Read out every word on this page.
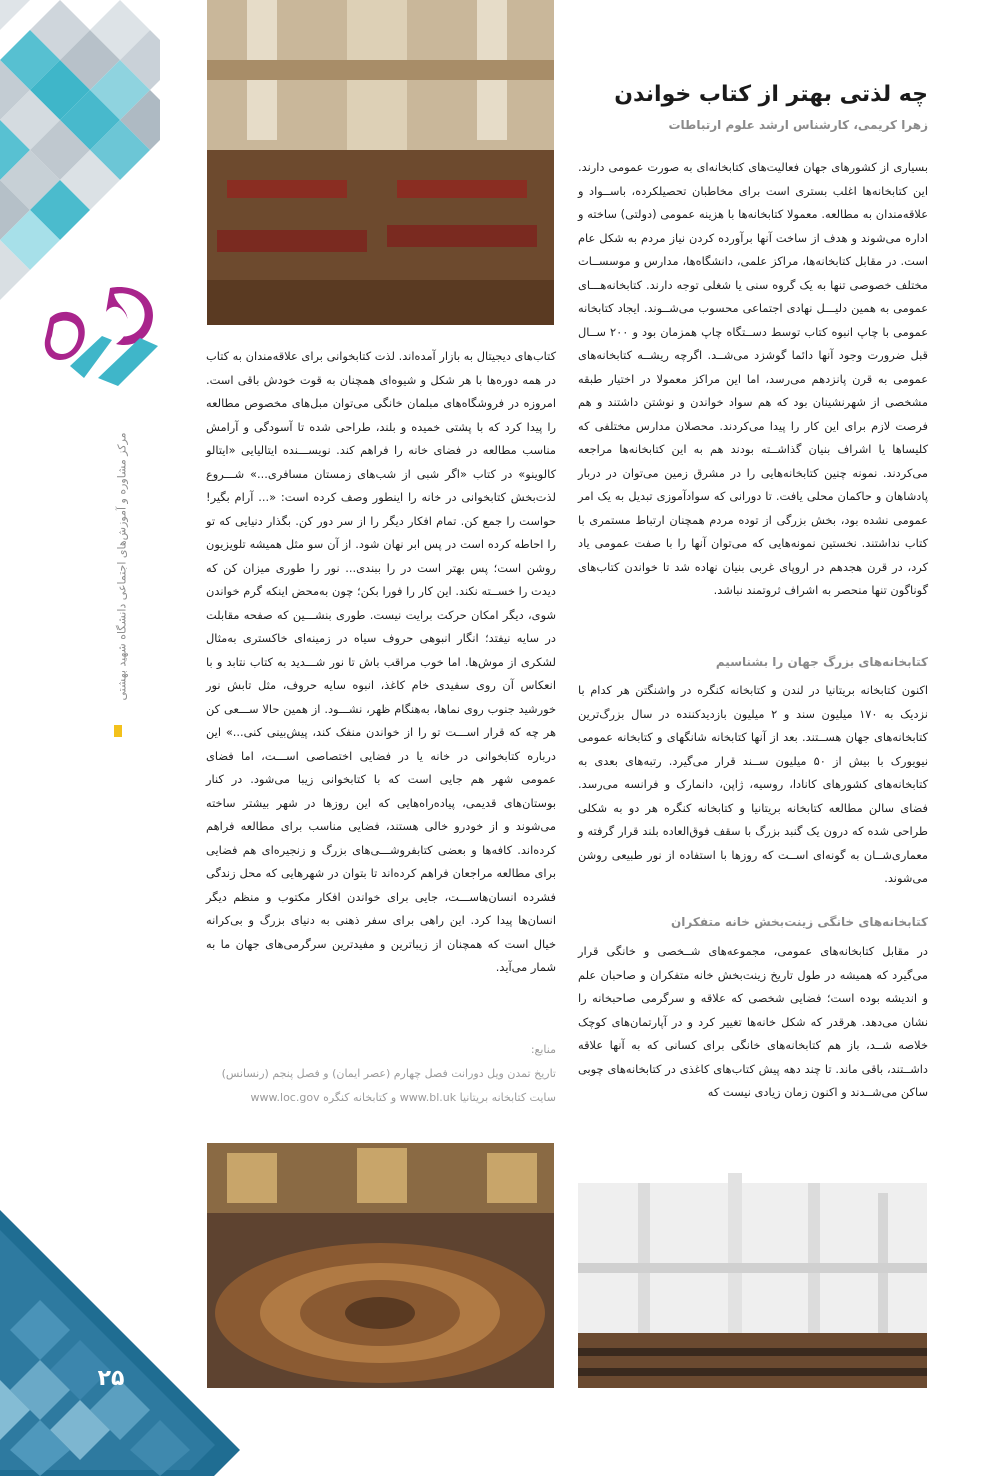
مرکز مشاوره و آموزش‌های اجتماعی دانشگاه شهید بهشتی
۲۵
چه لذتی بهتر از کتاب خواندن
زهرا کریمی، کارشناس ارشد علوم ارتباطات
بسیاری از کشورهای جهان فعالیت‌های کتابخانه‌ای به صورت عمومی دارند. این کتابخانه‌ها اغلب بستری است برای مخاطبان تحصیلکرده، باســواد و علاقه‌مندان به مطالعه. معمولا کتابخانه‌ها با هزینه عمومی (دولتی) ساخته و اداره می‌شوند و هدف از ساخت آنها برآورده کردن نیاز مردم به شکل عام است. در مقابل کتابخانه‌ها، مراکز علمی، دانشگاه‌ها، مدارس و موسســات مختلف خصوصی تنها به یک گروه سنی یا شغلی توجه دارند. کتابخانه‌هـــای عمومی به همین دلیـــل نهادی اجتماعی محسوب می‌شــوند. ایجاد کتابخانه عمومی با چاپ انبوه کتاب توسط دســتگاه چاپ همزمان بود و ۲۰۰ ســال قبل ضرورت وجود آنها دائما گوشزد می‌شــد. اگرچه ریشــه کتابخانه‌های عمومی به قرن پانزدهم می‌رسد، اما این مراکز معمولا در اختیار طبقه مشخصی از شهرنشینان بود که هم سواد خواندن و نوشتن داشتند و هم فرصت لازم برای این کار را پیدا می‌کردند. محصلان مدارس مختلفی که کلیساها یا اشراف بنیان گذاشــته بودند هم به این کتابخانه‌ها مراجعه می‌کردند. نمونه چنین کتابخانه‌هایی را در مشرق زمین می‌توان در دربار پادشاهان و حاکمان محلی یافت. تا دورانی که سوادآموزی تبدیل به یک امر عمومی نشده بود، بخش بزرگی از توده مردم همچنان ارتباط مستمری با کتاب نداشتند. نخستین نمونه‌هایی که می‌توان آنها را با صفت عمومی یاد کرد، در قرن هجدهم در اروپای غربی بنیان نهاده شد تا خواندن کتاب‌های گوناگون تنها منحصر به اشراف ثروتمند نباشد.
کتابخانه‌های بزرگ جهان را بشناسیم
اکنون کتابخانه بریتانیا در لندن و کتابخانه کنگره در واشنگتن هر کدام با نزدیک به ۱۷۰ میلیون سند و ۲ میلیون بازدیدکننده در سال بزرگ‌ترین کتابخانه‌های جهان هســتند. بعد از آنها کتابخانه شانگهای و کتابخانه عمومی نیویورک با بیش از ۵۰ میلیون ســند قرار می‌گیرد. رتبه‌های بعدی به کتابخانه‌های کشورهای کانادا، روسیه، ژاپن، دانمارک و فرانسه می‌رسد. فضای سالن مطالعه کتابخانه بریتانیا و کتابخانه کنگره هر دو به شکلی طراحی شده که درون یک گنبد بزرگ با سقف فوق‌العاده بلند قرار گرفته و معماری‌شــان به گونه‌ای اســت که روزها با استفاده از نور طبیعی روشن می‌شوند.
کتابخانه‌های خانگی زینت‌بخش خانه متفکران
در مقابل کتابخانه‌های عمومی، مجموعه‌های شــخصی و خانگی قرار می‌گیرد که همیشه در طول تاریخ زینت‌بخش خانه متفکران و صاحبان علم و اندیشه بوده است؛ فضایی شخصی که علاقه و سرگرمی صاحبخانه را نشان می‌دهد. هرقدر که شکل خانه‌ها تغییر کرد و در آپارتمان‌های کوچک خلاصه شــد، باز هم کتابخانه‌های خانگی برای کسانی که به آنها علاقه داشــتند، باقی ماند. تا چند دهه پیش کتاب‌های کاغذی در کتابخانه‌های چوبی ساکن می‌شــدند و اکنون زمان زیادی نیست که
کتاب‌های دیجیتال به بازار آمده‌اند. لذت کتابخوانی برای علاقه‌مندان به کتاب در همه دوره‌ها با هر شکل و شیوه‌ای همچنان به قوت خودش باقی است. امروزه در فروشگاه‌های مبلمان خانگی می‌توان مبل‌های مخصوص مطالعه را پیدا کرد که با پشتی خمیده و بلند، طراحی شده تا آسودگی و آرامش مناسب مطالعه در فضای خانه را فراهم کند. نویســـنده ایتالیایی «ایتالو کالوینو» در کتاب «اگر شبی از شب‌های زمستان مسافری...» شـــروع لذت‌بخش کتابخوانی در خانه را اینطور وصف کرده است: «... آرام بگیر! حواست را جمع کن. تمام افکار دیگر را از سر دور کن. بگذار دنیایی که تو را احاطه کرده است در پس ابر نهان شود. از آن سو مثل همیشه تلویزیون روشن است؛ پس بهتر است در را ببندی... نور را طوری میزان کن که دیدت را خســته نکند. این کار را فورا بکن؛ چون به‌محض اینکه گرم خواندن شوی، دیگر امکان حرکت برایت نیست. طوری بنشـــین که صفحه مقابلت در سایه نیفتد؛ انگار انبوهی حروف سیاه در زمینه‌ای خاکستری به‌مثال لشکری از موش‌ها. اما خوب مراقب باش تا نور شـــدید به کتاب نتابد و با انعکاس آن روی سفیدی خام کاغذ، انبوه سایه حروف، مثل تابش نور خورشید جنوب روی نماها، به‌هنگام ظهر، نشـــود. از همین حالا ســـعی کن هر چه که قرار اســـت تو را از خواندن منفک کند، پیش‌بینی کنی...» این درباره کتابخوانی در خانه یا در فضایی اختصاصی اســـت، اما فضای عمومی شهر هم جایی است که با کتابخوانی زیبا می‌شود. در کنار بوستان‌های قدیمی، پیاده‌راه‌هایی که این روزها در شهر بیشتر ساخته می‌شوند و از خودرو خالی هستند، فضایی مناسب برای مطالعه فراهم کرده‌اند. کافه‌ها و بعضی کتابفروشـــی‌های بزرگ و زنجیره‌ای هم فضایی برای مطالعه مراجعان فراهم کرده‌اند تا بتوان در شهرهایی که محل زندگی فشرده انسان‌هاســـت، جایی برای خواندن افکار مکتوب و منظم دیگر انسان‌ها پیدا کرد. این راهی برای سفر ذهنی به دنیای بزرگ و بی‌کرانه خیال است که همچنان از زیباترین و مفیدترین سرگرمی‌های جهان ما به شمار می‌آید.
منابع:
تاریخ تمدن ویل دورانت فصل چهارم (عصر ایمان) و فصل پنجم (رنسانس)
سایت کتابخانه بریتانیا www.bl.uk و کتابخانه کنگره www.loc.gov
